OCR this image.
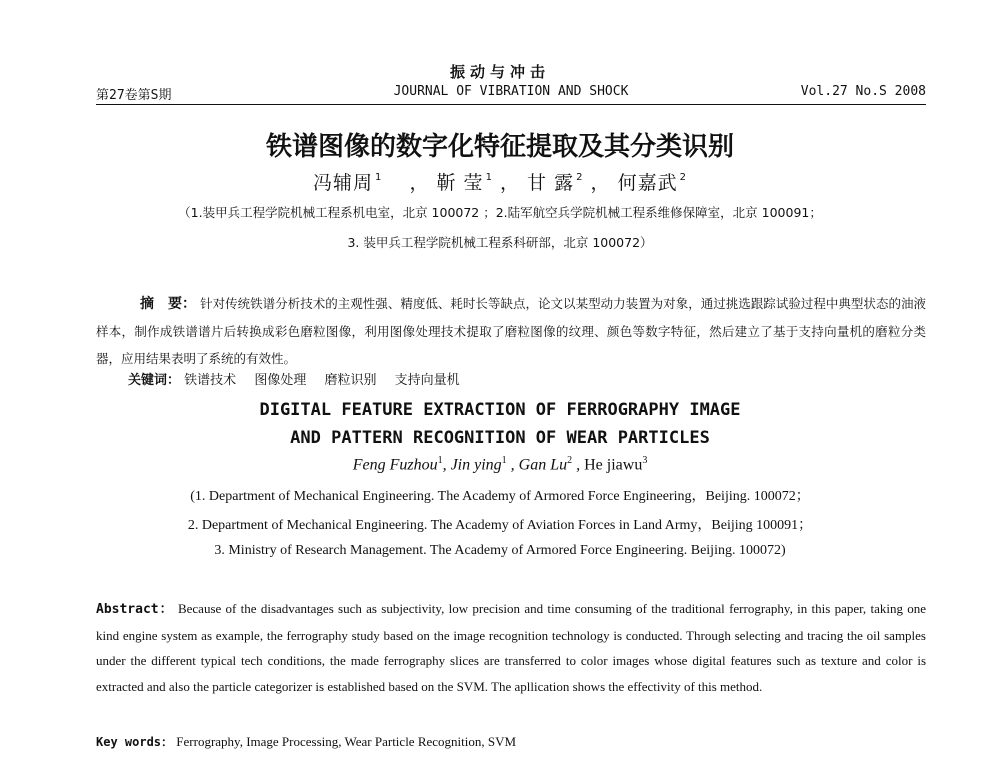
振动与冲击
第27卷第S期	JOURNAL OF VIBRATION AND SHOCK	Vol.27 No.S 2008
铁谱图像的数字化特征提取及其分类识别
冯辅周 $^1$ 　， 靳 莹 $^1$ ， 甘 露 $^2$ ， 何嘉武 $^2$
（1.装甲兵工程学院机械工程系机电室，北京 100072 ；2.陆军航空兵学院机械工程系维修保障室，北京 100091；
3. 装甲兵工程学院机械工程系科研部，北京 100072）
摘　要： 针对传统铁谱分析技术的主观性强、精度低、耗时长等缺点，论文以某型动力装置为对象，通过挑选跟踪试验过程中典型状态的油液样本，制作成铁谱谱片后转换成彩色磨粒图像，利用图像处理技术提取了磨粒图像的纹理、颜色等数字特征，然后建立了基于支持向量机的磨粒分类器，应用结果表明了系统的有效性。
关键词： 铁谱技术 图像处理 磨粒识别 支持向量机
DIGITAL FEATURE EXTRACTION OF FERROGRAPHY IMAGE
AND PATTERN RECOGNITION OF WEAR PARTICLES
Feng Fuzhou$^1$, Jin ying$^1$ , Gan Lu$^2$ , He jiawu$^3$
(1. Department of Mechanical Engineering. The Academy of Armored Force Engineering，Beijing. 100072；
2. Department of Mechanical Engineering. The Academy of Aviation Forces in Land Army，Beijing 100091；
3. Ministry of Research Management. The Academy of Armored Force Engineering. Beijing. 100072)
Abstract： Because of the disadvantages such as subjectivity, low precision and time consuming of the traditional ferrography, in this paper, taking one kind engine system as example, the ferrography study based on the image recognition technology is conducted. Through selecting and tracing the oil samples under the different typical tech conditions, the made ferrography slices are transferred to color images whose digital features such as texture and color is extracted and also the particle categorizer is established based on the SVM. The apllication shows the effectivity of this method.
Key words： Ferrography, Image Processing, Wear Particle Recognition, SVM
